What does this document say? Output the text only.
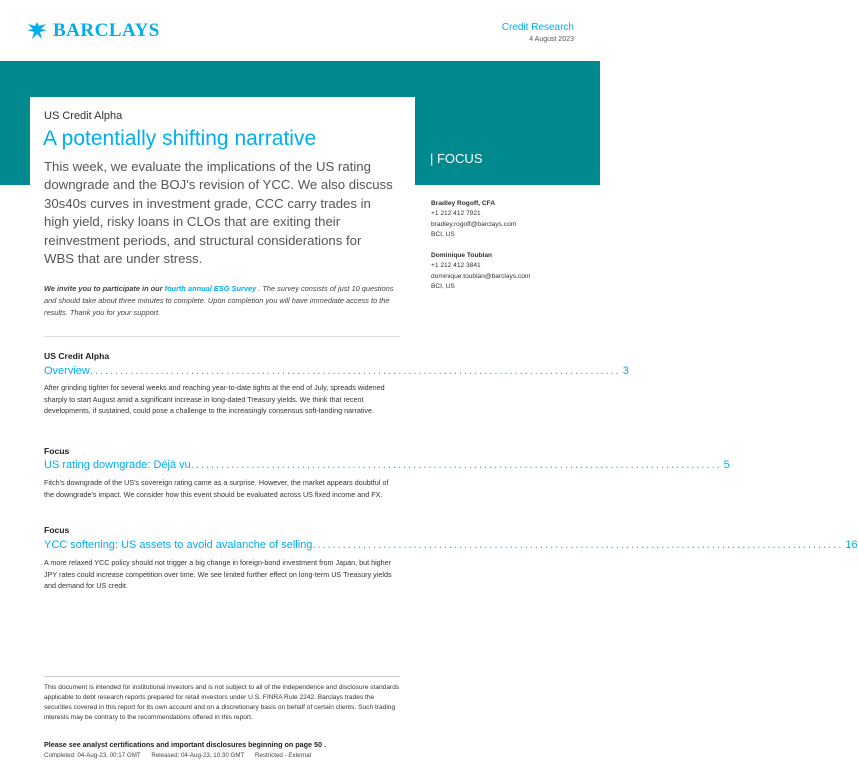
BARCLAYS	Credit Research
4 August 2023
US Credit Alpha
A potentially shifting narrative
This week, we evaluate the implications of the US rating downgrade and the BOJ's revision of YCC. We also discuss 30s40s curves in investment grade, CCC carry trades in high yield, risky loans in CLOs that are exiting their reinvestment periods, and structural considerations for WBS that are under stress.
We invite you to participate in our fourth annual ESG Survey . The survey consists of just 10 questions and should take about three minutes to complete. Upon completion you will have immediate access to the results. Thank you for your support.
| FOCUS
Bradley Rogoff, CFA
+1 212 412 7921
bradley.rogoff@barclays.com
BCI, US
Dominique Toublan
+1 212 412 3841
dominique.toublan@barclays.com
BCI, US
US Credit Alpha
Overview ......................................................................................................... 3
After grinding tighter for several weeks and reaching year-to-date tights at the end of July, spreads widened sharply to start August amid a significant increase in long-dated Treasury yields. We think that recent developments, if sustained, could pose a challenge to the increasingly consensus soft-landing narrative.
Focus
US rating downgrade: Déjà vu ......................................................................................................... 5
Fitch's downgrade of the US's sovereign rating came as a surprise. However, the market appears doubtful of the downgrade's impact. We consider how this event should be evaluated across US fixed income and FX.
Focus
YCC softening: US assets to avoid avalanche of selling ......................................................................................................... 16
A more relaxed YCC policy should not trigger a big change in foreign-bond investment from Japan, but higher JPY rates could increase competition over time. We see limited further effect on long-term US Treasury yields and demand for US credit.
This document is intended for institutional investors and is not subject to all of the independence and disclosure standards applicable to debt research reports prepared for retail investors under U.S. FINRA Rule 2242. Barclays trades the securities covered in this report for its own account and on a discretionary basis on behalf of certain clients. Such trading interests may be contrary to the recommendations offered in this report.
Please see analyst certifications and important disclosures beginning on page 50 .
Completed: 04-Aug-23, 00:17 GMT Released: 04-Aug-23, 10:30 GMT Restricted - External
